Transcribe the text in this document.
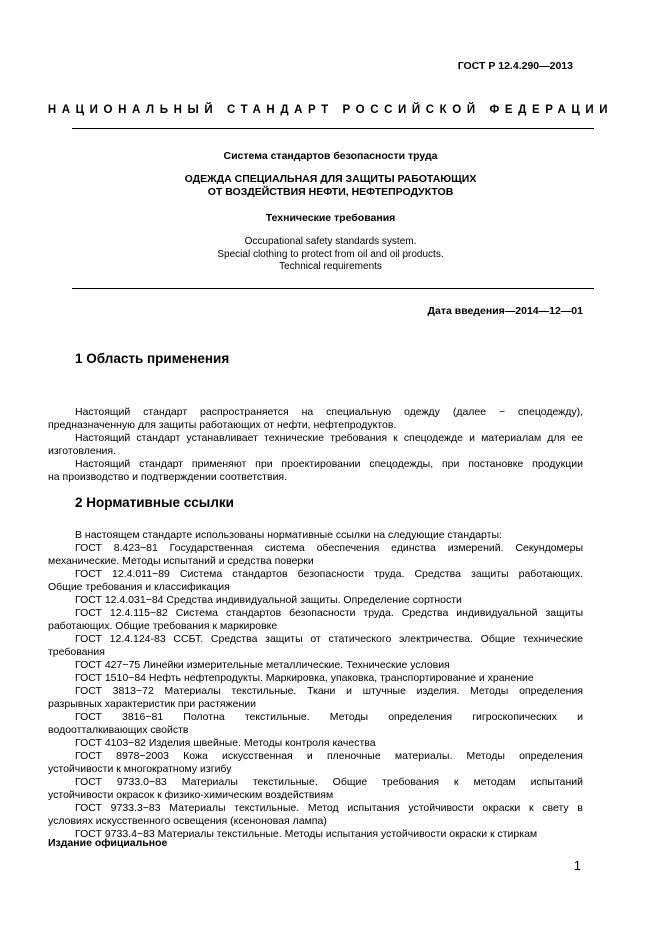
ГОСТ Р 12.4.290—2013
НАЦИОНАЛЬНЫЙ СТАНДАРТ РОССИЙСКОЙ ФЕДЕРАЦИИ
Система стандартов безопасности труда
ОДЕЖДА СПЕЦИАЛЬНАЯ ДЛЯ ЗАЩИТЫ РАБОТАЮЩИХ
ОТ ВОЗДЕЙСТВИЯ НЕФТИ, НЕФТЕПРОДУКТОВ
Технические требования
Occupational safety standards system.
Special clothing to protect from oil and oil products.
Technical requirements
Дата введения—2014—12—01
1 Область применения
Настоящий стандарт распространяется на специальную одежду (далее − спецодежду),
предназначенную для защиты работающих от нефти, нефтепродуктов.
Настоящий стандарт устанавливает технические требования к спецодежде и материалам для ее
изготовления.
Настоящий стандарт применяют при проектировании спецодежды, при постановке продукции
на производство и подтверждении соответствия.
2 Нормативные ссылки
В настоящем стандарте использованы нормативные ссылки на следующие стандарты:
ГОСТ 8.423−81 Государственная система обеспечения единства измерений. Секундомеры
механические. Методы испытаний и средства поверки
ГОСТ 12.4.011−89 Система стандартов безопасности труда. Средства защиты работающих.
Общие требования и классификация
ГОСТ 12.4.031−84 Средства индивидуальной защиты. Определение сортности
ГОСТ 12.4.115−82 Система стандартов безопасности труда. Средства индивидуальной защиты
работающих. Общие требования к маркировке
ГОСТ 12.4.124-83 ССБТ. Средства защиты от статического электричества. Общие технические
требования
ГОСТ 427−75 Линейки измерительные металлические. Технические условия
ГОСТ 1510−84 Нефть нефтепродукты. Маркировка, упаковка, транспортирование и хранение
ГОСТ 3813−72 Материалы текстильные. Ткани и штучные изделия. Методы определения
разрывных характеристик при растяжении
ГОСТ 3816−81 Полотна текстильные. Методы определения гигроскопических и
водоотталкивающих свойств
ГОСТ 4103−82 Изделия швейные. Методы контроля качества
ГОСТ 8978−2003 Кожа искусственная и пленочные материалы. Методы определения
устойчивости к многократному изгибу
ГОСТ 9733.0−83 Материалы текстильные. Общие требования к методам испытаний
устойчивости окрасок к физико-химическим воздействиям
ГОСТ 9733.3−83 Материалы текстильные. Метод испытания устойчивости окраски к свету в
условиях искусственного освещения (ксеноновая лампа)
ГОСТ 9733.4−83 Материалы текстильные. Методы испытания устойчивости окраски к стиркам
Издание официальное
1
